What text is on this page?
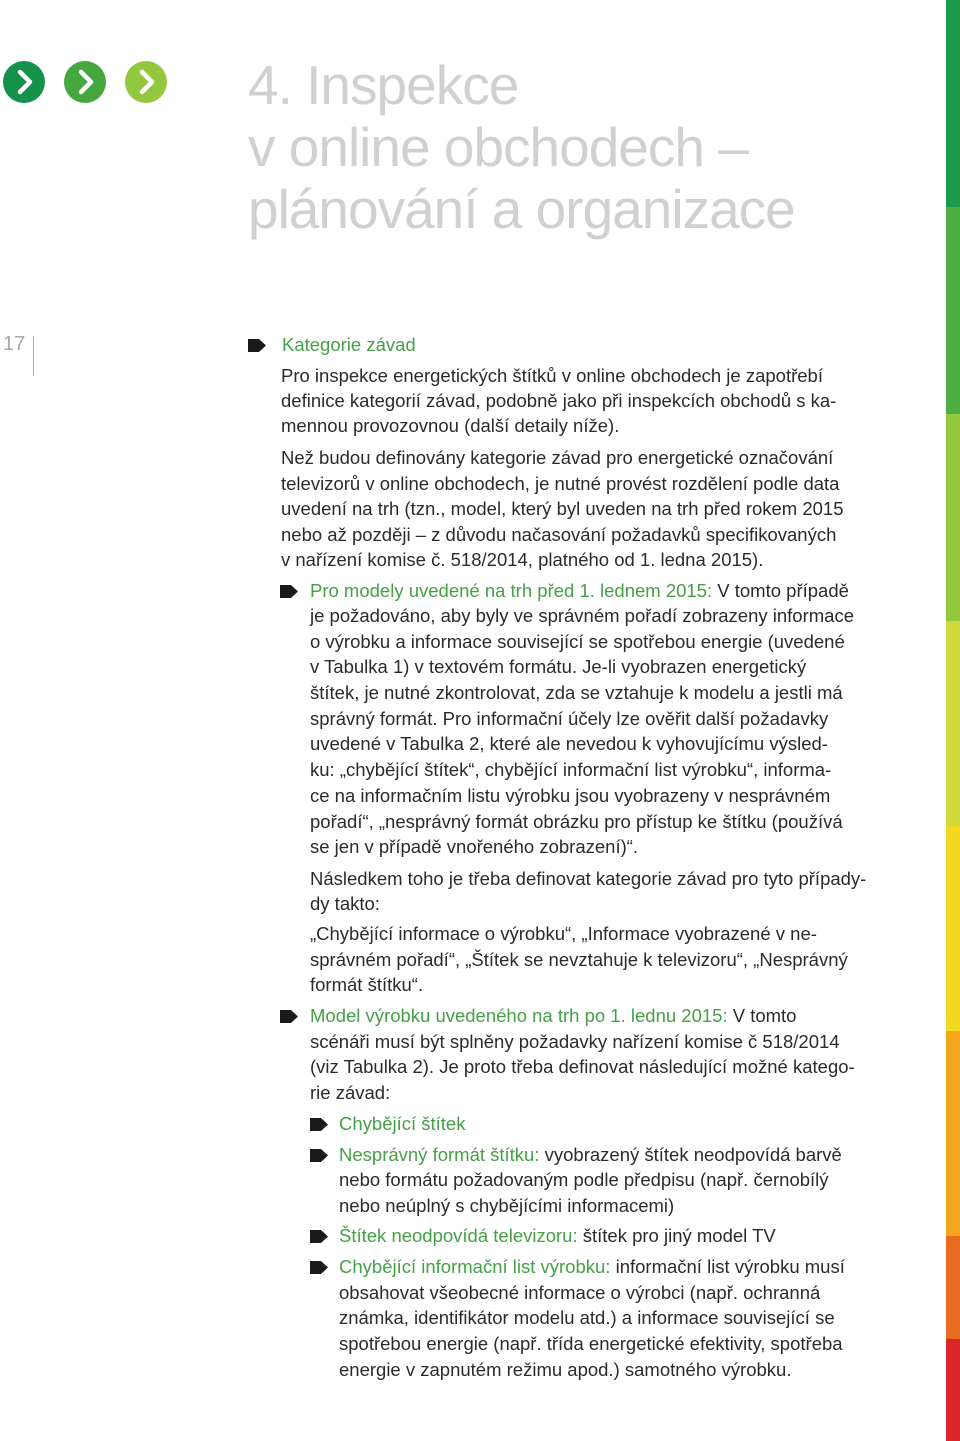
4. Inspekce
v online obchodech –
plánování a organizace
17	Kategorie závad
Pro inspekce energetických štítků v online obchodech je zapotřebí
definice kategorií závad, podobně jako při inspekcích obchodů s ka-
mennou provozovnou (další detaily níže).
Než budou definovány kategorie závad pro energetické označování
televizorů v online obchodech, je nutné provést rozdělení podle data
uvedení na trh (tzn., model, který byl uveden na trh před rokem 2015
nebo až později – z důvodu načasování požadavků specifikovaných
v nařízení komise č. 518/2014, platného od 1. ledna 2015).
Pro modely uvedené na trh před 1. lednem 2015: V tomto případě
je požadováno, aby byly ve správném pořadí zobrazeny informace
o výrobku a informace související se spotřebou energie (uvedené
v Tabulka 1) v textovém formátu. Je-li vyobrazen energetický
štítek, je nutné zkontrolovat, zda se vztahuje k modelu a jestli má
správný formát. Pro informační účely lze ověřit další požadavky
uvedené v Tabulka 2, které ale nevedou k vyhovujícímu výsled-
ku: „chybějící štítek“, chybějící informační list výrobku“, informa-
ce na informačním listu výrobku jsou vyobrazeny v nesprávném
pořadí“, „nesprávný formát obrázku pro přístup ke štítku (používá
se jen v případě vnořeného zobrazení)“.
Následkem toho je třeba definovat kategorie závad pro tyto případy-
dy takto:
„Chybějící informace o výrobku“, „Informace vyobrazené v ne-
správném pořadí“, „Štítek se nevztahuje k televizoru“, „Nesprávný
formát štítku“.
Model výrobku uvedeného na trh po 1. lednu 2015: V tomto
scénáři musí být splněny požadavky nařízení komise č 518/2014
(viz Tabulka 2). Je proto třeba definovat následující možné katego-
rie závad:
Chybějící štítek
Nesprávný formát štítku: vyobrazený štítek neodpovídá barvě
nebo formátu požadovaným podle předpisu (např. černobílý
nebo neúplný s chybějícími informacemi)
Štítek neodpovídá televizoru: štítek pro jiný model TV
Chybějící informační list výrobku: informační list výrobku musí
obsahovat všeobecné informace o výrobci (např. ochranná
známka, identifikátor modelu atd.) a informace související se
spotřebou energie (např. třída energetické efektivity, spotřeba
energie v zapnutém režimu apod.) samotného výrobku.
